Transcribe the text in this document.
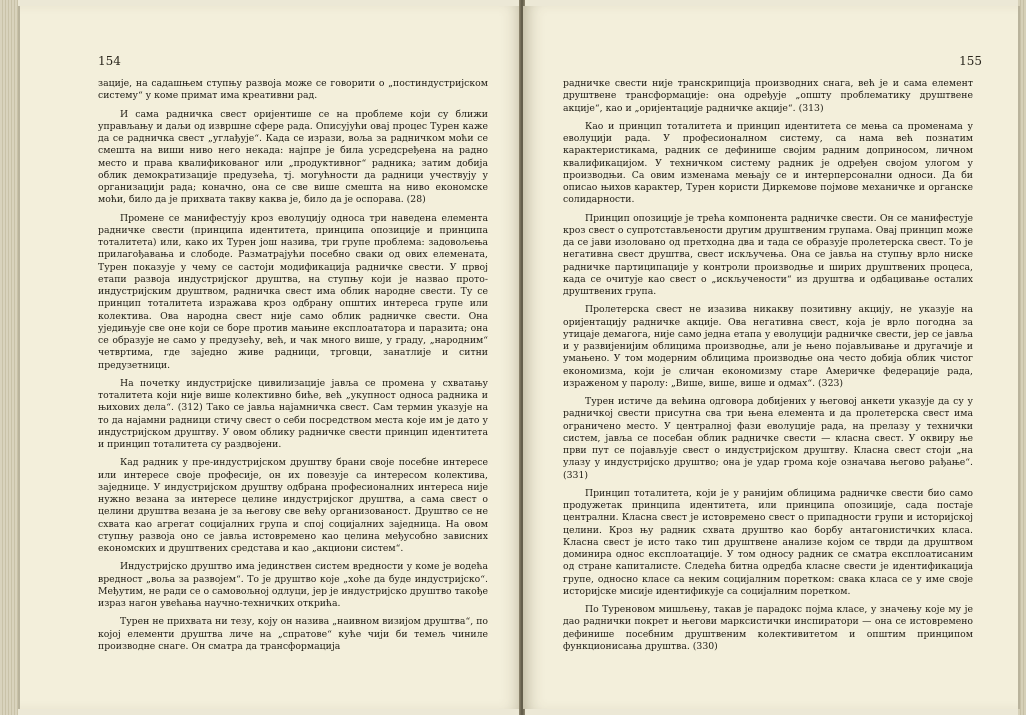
154

зације, на садашњем ступњу развоја може се говорити о „постиндустријском систему“ у коме примат има креативни рад.

И сама радничка свест оријентише се на проблеме који су ближи управљању и даљи од извршне сфере рада. Описујући овај процес Турен каже да се радничка свест „углађује“. Када се изрази, воља за радничком моћи се смешта на виши ниво него некада: најпре је била усредсређена на радно место и права квалификованог или „продуктивног“ радника; затим добија облик демократизације предузећа, тј. могућности да радници учествују у организацији рада; коначно, она се све више смешта на ниво економске моћи, било да је прихвата такву каква је, било да је оспорава. (28)

Промене се манифестују кроз еволуцију односа три наведена елемента радничке свести (принципа идентитета, принципа опозиције и принципа тоталитета) или, како их Турен још назива, три групе проблема: задовољења прилагођавања и слободе. Разматрајући посебно сваки од ових елемената, Турен показује у чему се састоји модификација радничке свести. У првој етапи развоја индустријског друштва, на ступњу који је назвао прото-индустријским друштвом, радничка свест има облик народне свести. Ту се принцип тоталитета изражава кроз одбрану општих интереса групе или колектива. Ова народна свест није само облик радничке свести. Она уједињује све оне који се боре против мањине експлоататора и паразита; она се образује не само у предузећу, већ, и чак много више, у граду, „народним“ четвртима, где заједно живе радници, трговци, занатлије и ситни предузетници.

На почетку индустријске цивилизације јавља се промена у схватању тоталитета који није више колективно биће, већ „укупност односа радника и њихових дела“. (312) Тако се јавља најамничка свест. Сам термин указује на то да најамни радници стичу свест о себи посредством места које им је дато у индустријском друштву. У овом облику радничке свести принцип идентитета и принцип тоталитета су раздвојени.

Кад радник у пре-индустријском друштву брани своје посебне интересе или интересе своје професије, он их повезује са интересом колектива, заједнице. У индустријском друштву одбрана професионалних интереса није нужно везана за интересе целине индустријског друштва, а сама свест о целини друштва везана је за његову све већу организованост. Друштво се не схвата као агрегат социјалних група и спој социјалних заједница. На овом ступњу развоја оно се јавља истовремено као целина међусобно зависних економских и друштвених средстава и као „акциони систем“.

Индустријско друштво има јединствен систем вредности у коме је водећа вредност „воља за развојем“. То је друштво које „хоће да буде индустријско“. Међутим, не ради се о самовољној одлуци, јер је индустријско друштво такође израз нагон увећања научно-техничких открића.

Турен не прихвата ни тезу, коју он назива „наивном визијом друштва“, по којој елементи друштва личе на „спратове“ куће чији би темељ чиниле производне снаге. Он сматра да трансформација

155

радничке свести није транскрипција производних снага, већ је и сама елемент друштвене трансформације: она одређује „општу проблематику друштвене акције“, као и „оријентације радничке акције“. (313)

Као и принцип тоталитета и принцип идентитета се мења са променама у еволуцији рада. У професионалном систему, са нама већ познатим карактеристикама, радник се дефинише својим радним доприносом, личном квалификацијом. У техничком систему радник је одређен својом улогом у производњи. Са овим изменама мењају се и интерперсонални односи. Да би описао њихов карактер, Турен користи Диркемове појмове механичке и органске солидарности.

Принцип опозиције је трећа компонента радничке свести. Он се манифестује кроз свест о супротстављености другим друштвеним групама. Овај принцип може да се јави изоловано од претходна два и тада се образује пролетерска свест. То је негативна свест друштва, свест искључења. Она се јавља на ступњу врло нискe радничке партиципације у контроли производње и ширих друштвених процеса, када се очитује као свест о „искључености“ из друштва и одбацивање осталих друштвених група.

Пролетерска свест не изазива никакву позитивну акцију, не указује на оријентацију радничке акције. Ова негативна свест, која је врло погодна за утицаје демагога, није само једна етапа у еволуцији радничке свести, јер се јавља и у развијенијим облицима производње, али је њено појављивање и другачије и умањено. У том модерним облицима производње она често добија облик чистог економизма, који је сличан економизму старе Америчке федерације рада, израженом у паролу: „Више, више, више и одмах“. (323)

Турен истиче да већина одговора добијених у његовој анкети указује да су у радничкој свести присутна сва три њена елемента и да пролетерска свест има ограничено место. У централној фази еволуције рада, на прелазу у технички систем, јавља се посебан облик радничке свести — класна свест. У оквиру ње први пут се појављује свест о индустријском друштву. Класна свест стоји „на улазу у индустријско друштво; она је удар грома које означава његово рађање“. (331)

Принцип тоталитета, који је у ранијим облицима радничке свести био само продужетак принципа идентитета, или принципа опозиције, сада постаје централни. Класна свест је истовремено свест о припадности групи и историјској целини. Кроз њу радник схвата друштво као борбу антагонистичких класа. Класна свест је исто тако тип друштвене анализе којом се тврди да друштвом доминира однос експлоатације. У том односу радник се сматра експлоатисаним од стране капиталисте. Следећа битна одредба класне свести је идентификација групе, односно класе са неким социјалним поретком: свака класа се у име своје историјске мисије идентификује са социјалним поретком.

По Туреновом мишљењу, такав је парадокс појма класе, у значењу које му је дао раднички покрет и његови марксистички инспиратори — она се истовремено дефинише посебним друштвеним колективитетом и општим принципом функционисања друштва. (330)
